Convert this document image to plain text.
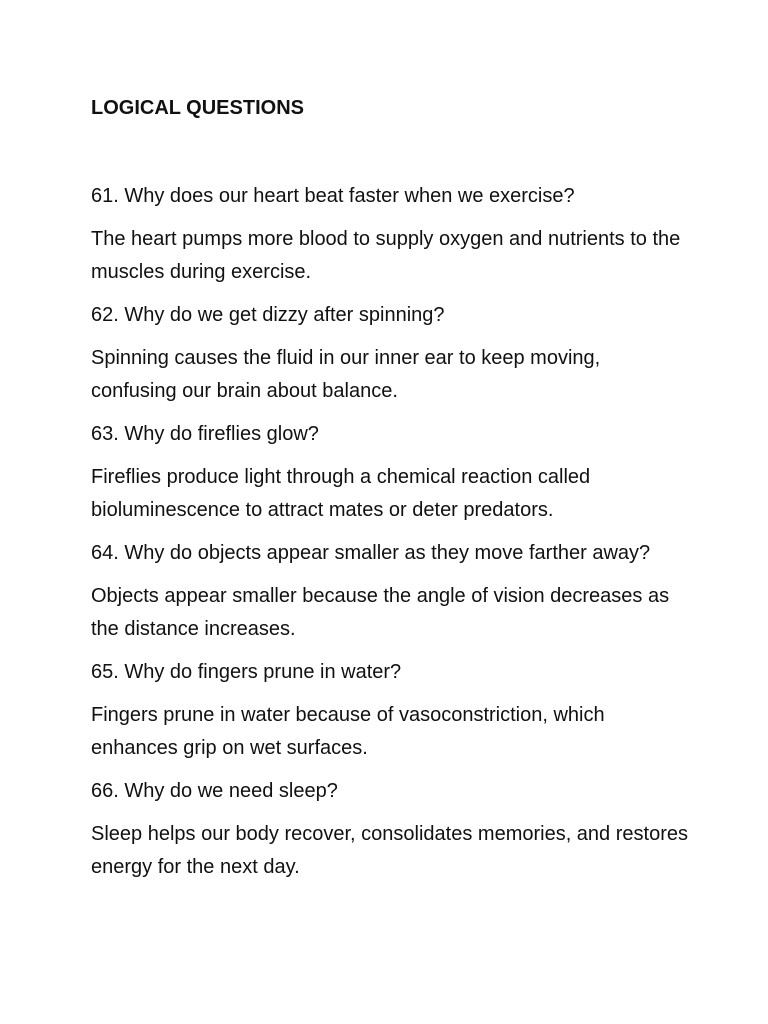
LOGICAL QUESTIONS

61. Why does our heart beat faster when we exercise?

The heart pumps more blood to supply oxygen and nutrients to the muscles during exercise.

62. Why do we get dizzy after spinning?

Spinning causes the fluid in our inner ear to keep moving, confusing our brain about balance.

63. Why do fireflies glow?

Fireflies produce light through a chemical reaction called bioluminescence to attract mates or deter predators.

64. Why do objects appear smaller as they move farther away?

Objects appear smaller because the angle of vision decreases as the distance increases.

65. Why do fingers prune in water?

Fingers prune in water because of vasoconstriction, which enhances grip on wet surfaces.

66. Why do we need sleep?

Sleep helps our body recover, consolidates memories, and restores energy for the next day.
